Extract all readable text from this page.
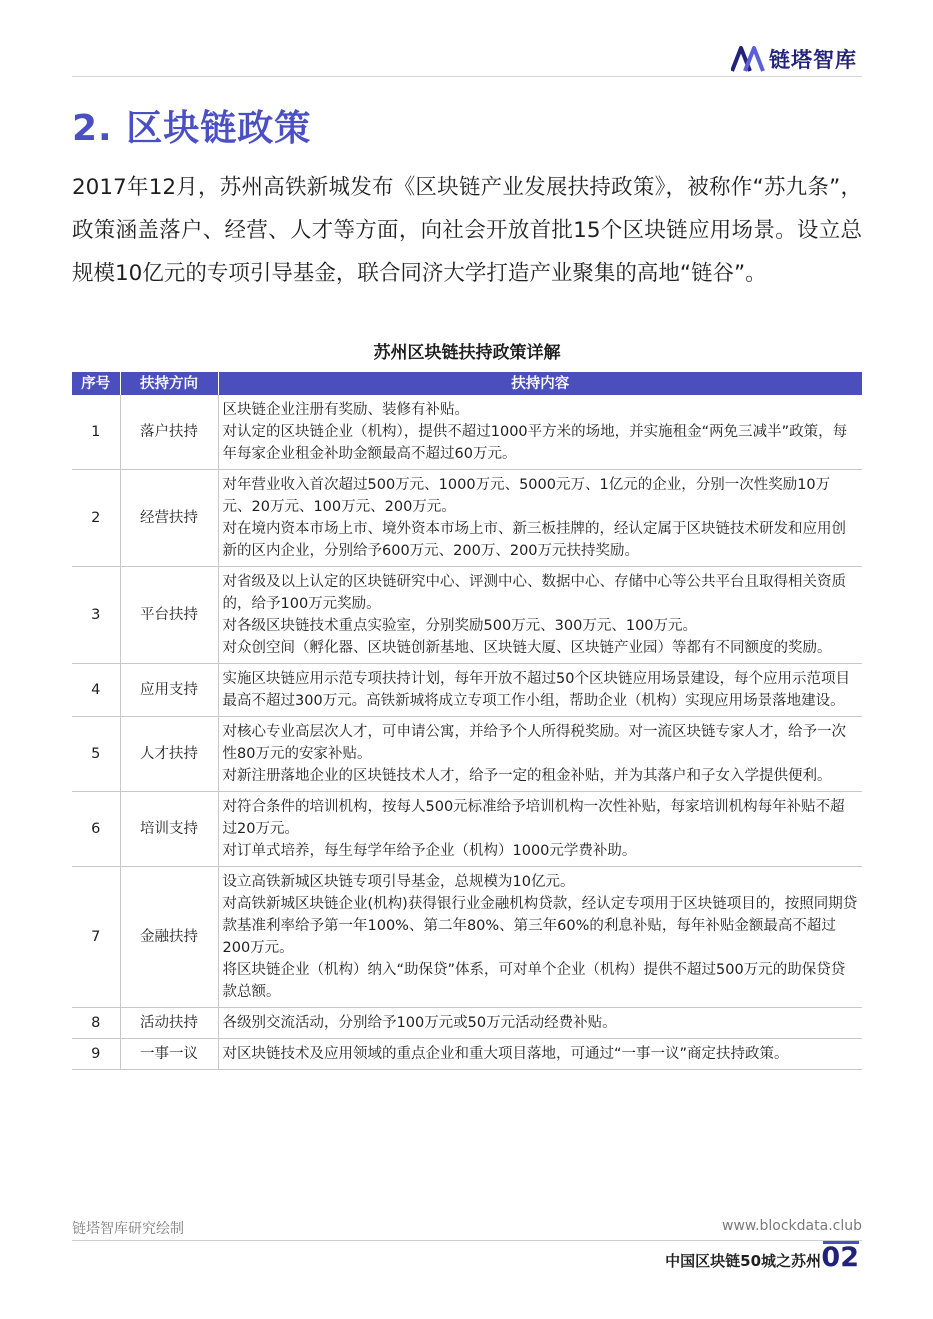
链塔智库
2. 区块链政策
2017年12月，苏州高铁新城发布《区块链产业发展扶持政策》，被称作“苏九条”，政策涵盖落户、经营、人才等方面，向社会开放首批15个区块链应用场景。设立总规模10亿元的专项引导基金，联合同济大学打造产业聚集的高地“链谷”。
苏州区块链扶持政策详解
序号	扶持方向	扶持内容
1	落户扶持	区块链企业注册有奖励、装修有补贴。
对认定的区块链企业（机构），提供不超过1000平方米的场地，并实施租金“两免三减半”政策，每年每家企业租金补助金额最高不超过60万元。

2	经营扶持	对年营业收入首次超过500万元、1000万元、5000元万、1亿元的企业，分别一次性奖励10万元、20万元、100万元、200万元。
对在境内资本市场上市、境外资本市场上市、新三板挂牌的，经认定属于区块链技术研发和应用创新的区内企业，分别给予600万元、200万、200万元扶持奖励。

3	平台扶持	对省级及以上认定的区块链研究中心、评测中心、数据中心、存储中心等公共平台且取得相关资质的，给予100万元奖励。
对各级区块链技术重点实验室，分别奖励500万元、300万元、100万元。
对众创空间（孵化器、区块链创新基地、区块链大厦、区块链产业园）等都有不同额度的奖励。

4	应用支持	实施区块链应用示范专项扶持计划，每年开放不超过50个区块链应用场景建设，每个应用示范项目最高不超过300万元。高铁新城将成立专项工作小组，帮助企业（机构）实现应用场景落地建设。

5	人才扶持	对核心专业高层次人才，可申请公寓，并给予个人所得税奖励。对一流区块链专家人才，给予一次性80万元的安家补贴。
对新注册落地企业的区块链技术人才，给予一定的租金补贴，并为其落户和子女入学提供便利。

6	培训支持	对符合条件的培训机构，按每人500元标准给予培训机构一次性补贴，每家培训机构每年补贴不超过20万元。
对订单式培养，每生每学年给予企业（机构）1000元学费补助。

7	金融扶持	设立高铁新城区块链专项引导基金，总规模为10亿元。
对高铁新城区块链企业(机构)获得银行业金融机构贷款，经认定专项用于区块链项目的，按照同期贷款基准利率给予第一年100%、第二年80%、第三年60%的利息补贴，每年补贴金额最高不超过200万元。
将区块链企业（机构）纳入“助保贷”体系，可对单个企业（机构）提供不超过500万元的助保贷贷款总额。

8	活动扶持	各级别交流活动，分别给予100万元或50万元活动经费补贴。

9	一事一议	对区块链技术及应用领域的重点企业和重大项目落地，可通过“一事一议”商定扶持政策。
链塔智库研究绘制	www.blockdata.club
中国区块链50城之苏州 02
